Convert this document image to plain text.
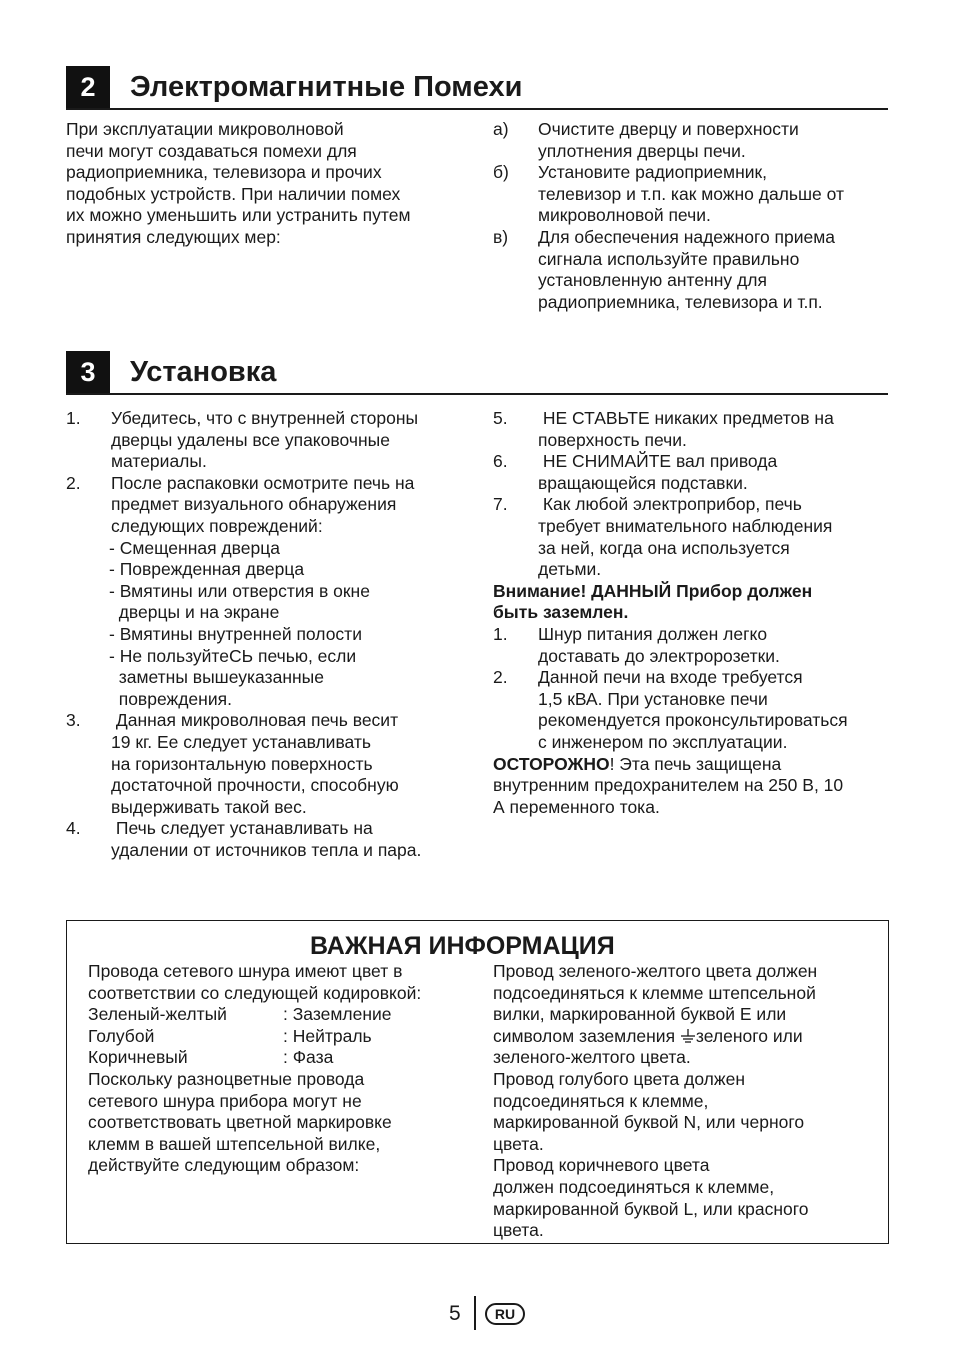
2	Электромагнитные Помехи
При эксплуатации микроволновой
печи могут создаваться помехи для
радиоприемника, телевизора и прочих
подобных устройств. При наличии помех
их можно уменьшить или устранить путем
принятия следующих мер:
а)	Очистите дверцу и поверхности
уплотнения дверцы печи.
б)	Установите радиоприемник,
телевизор и т.п. как можно дальше от
микроволновой печи.
в)	Для обеспечения надежного приема
сигнала используйте правильно
установленную антенну для
радиоприемника, телевизора и т.п.
3	Установка
1.	Убедитесь, что с внутренней стороны
дверцы удалены все упаковочные
материалы.
2.	После распаковки осмотрите печь на
предмет визуального обнаружения
следующих повреждений:
- Смещенная дверца
- Поврежденная дверца
- Вмятины или отверстия в окне
дверцы и на экране
- Вмятины внутренней полости
- Не пользуйтеСЬ печью, если
заметны вышеуказанные
повреждения.
3.	Данная микроволновая печь весит
19 кг. Ее следует устанавливать
на горизонтальную поверхность
достаточной прочности, способную
выдерживать такой вес.
4.	Печь следует устанавливать на
удалении от источников тепла и пара.
5.	НЕ СТАВЬТЕ никаких предметов на
поверхность печи.
6.	НЕ СНИМАЙТЕ вал привода
вращающейся подставки.
7.	Как любой электроприбор, печь
требует внимательного наблюдения
за ней, когда она используется
детьми.
Внимание! ДАННЫЙ Прибор должен
быть заземлен.
1.	Шнур питания должен легко
доставать до электророзетки.
2.	Данной печи на входе требуется
1,5 кВА. При установке печи
рекомендуется проконсультироваться
с инженером по эксплуатации.
ОСТОРОЖНО! Эта печь защищена
внутренним предохранителем на 250 В, 10
А переменного тока.
ВАЖНАЯ ИНФОРМАЦИЯ
Провода сетевого шнура имеют цвет в
соответствии со следующей кодировкой:
Зеленый-желтый	: Заземление
Голубой	: Нейтраль
Коричневый	: Фаза
Поскольку разноцветные провода
сетевого шнура прибора могут не
соответствовать цветной маркировке
клемм в вашей штепсельной вилке,
действуйте следующим образом:
Провод зеленого-желтого цвета должен
подсоединяться к клемме штепсельной
вилки, маркированной буквой E или
символом заземления зеленого или
зеленого-желтого цвета.
Провод голубого цвета должен
подсоединяться к клемме,
маркированной буквой N, или черного
цвета.
Провод коричневого цвета
должен подсоединяться к клемме,
маркированной буквой L, или красного
цвета.
5	RU
